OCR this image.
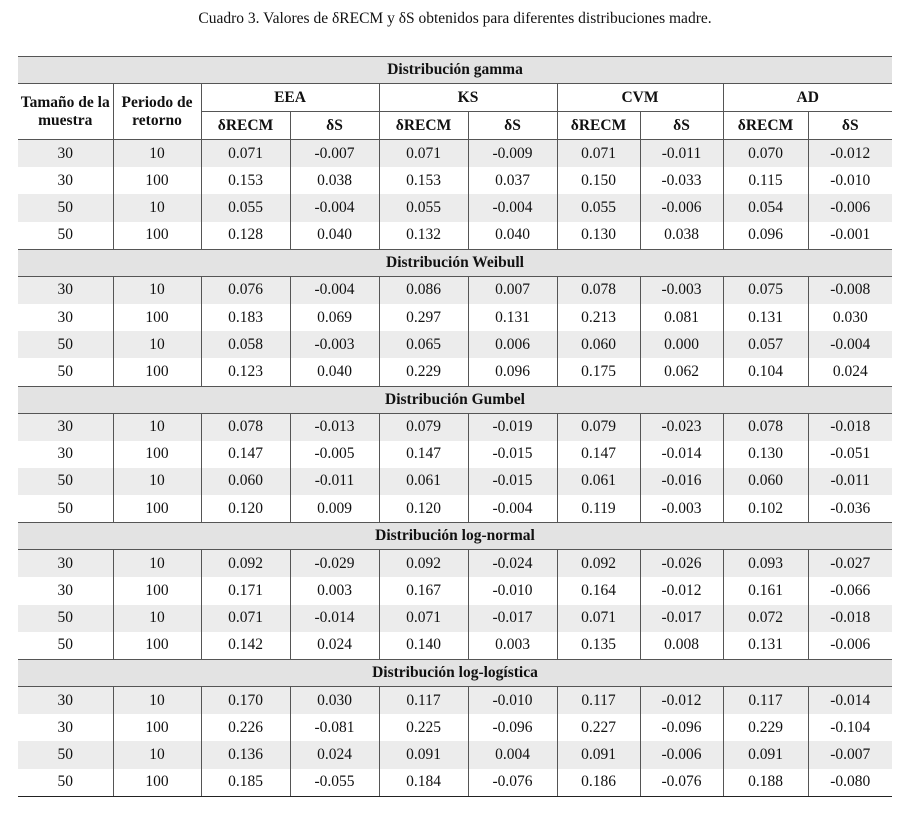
Cuadro 3. Valores de δRECM y δS obtenidos para diferentes distribuciones madre.
Distribución gamma									
Tamaño de la muestra	Periodo de retorno	EEA		KS		CVM		AD	
		δRECM	δS	δRECM	δS	δRECM	δS	δRECM	δS
30	10	0.071	-0.007	0.071	-0.009	0.071	-0.011	0.070	-0.012
30	100	0.153	0.038	0.153	0.037	0.150	-0.033	0.115	-0.010
50	10	0.055	-0.004	0.055	-0.004	0.055	-0.006	0.054	-0.006
50	100	0.128	0.040	0.132	0.040	0.130	0.038	0.096	-0.001
Distribución Weibull									
30	10	0.076	-0.004	0.086	0.007	0.078	-0.003	0.075	-0.008
30	100	0.183	0.069	0.297	0.131	0.213	0.081	0.131	0.030
50	10	0.058	-0.003	0.065	0.006	0.060	0.000	0.057	-0.004
50	100	0.123	0.040	0.229	0.096	0.175	0.062	0.104	0.024
Distribución Gumbel									
30	10	0.078	-0.013	0.079	-0.019	0.079	-0.023	0.078	-0.018
30	100	0.147	-0.005	0.147	-0.015	0.147	-0.014	0.130	-0.051
50	10	0.060	-0.011	0.061	-0.015	0.061	-0.016	0.060	-0.011
50	100	0.120	0.009	0.120	-0.004	0.119	-0.003	0.102	-0.036
Distribución log-normal									
30	10	0.092	-0.029	0.092	-0.024	0.092	-0.026	0.093	-0.027
30	100	0.171	0.003	0.167	-0.010	0.164	-0.012	0.161	-0.066
50	10	0.071	-0.014	0.071	-0.017	0.071	-0.017	0.072	-0.018
50	100	0.142	0.024	0.140	0.003	0.135	0.008	0.131	-0.006
Distribución log-logística									
30	10	0.170	0.030	0.117	-0.010	0.117	-0.012	0.117	-0.014
30	100	0.226	-0.081	0.225	-0.096	0.227	-0.096	0.229	-0.104
50	10	0.136	0.024	0.091	0.004	0.091	-0.006	0.091	-0.007
50	100	0.185	-0.055	0.184	-0.076	0.186	-0.076	0.188	-0.080
